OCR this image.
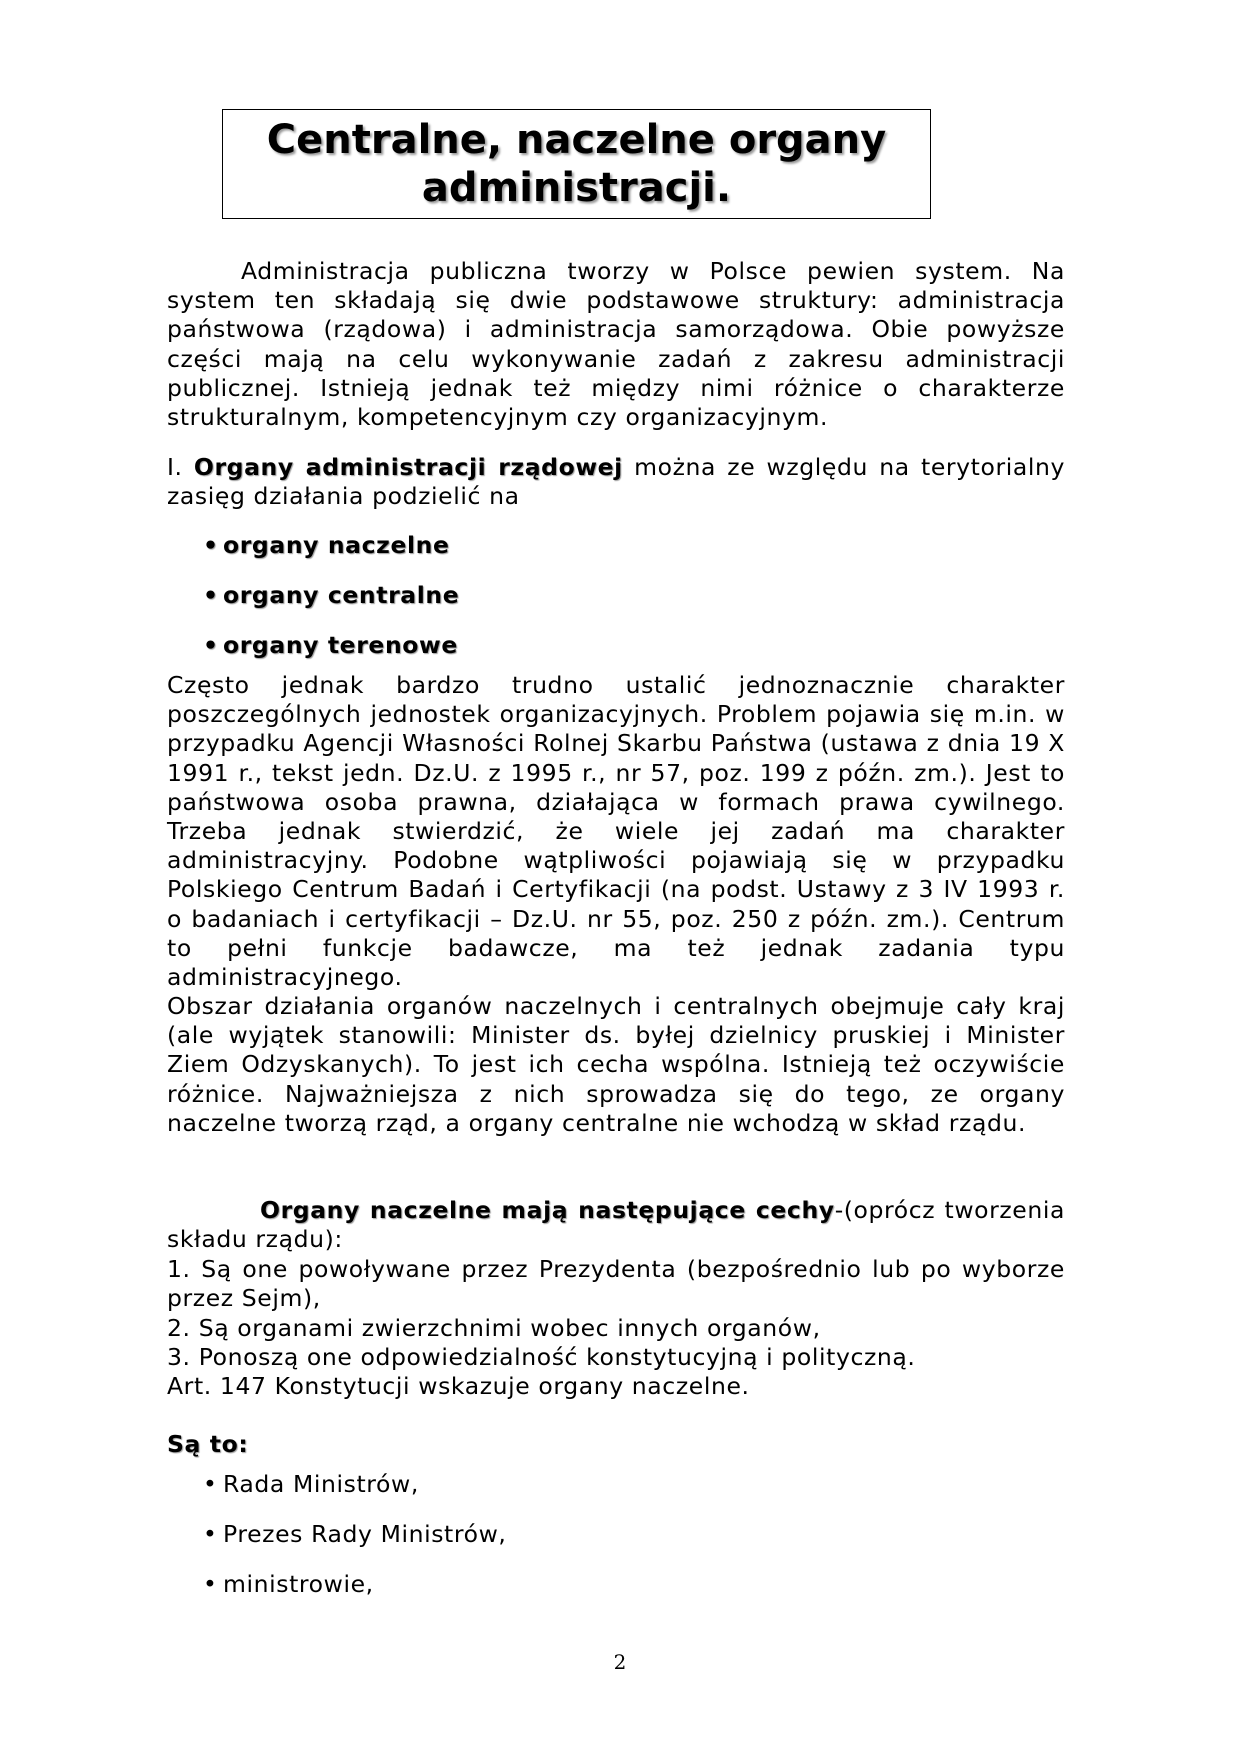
Centralne, naczelne organy administracji.

Administracja publiczna tworzy w Polsce pewien system. Na system ten składają się dwie podstawowe struktury: administracja państwowa (rządowa) i administracja samorządowa. Obie powyższe części mają na celu wykonywanie zadań z zakresu administracji publicznej. Istnieją jednak też między nimi różnice o charakterze strukturalnym, kompetencyjnym czy organizacyjnym.

I. Organy administracji rządowej można ze względu na terytorialny zasięg działania podzielić na

• organy naczelne
• organy centralne
• organy terenowe

Często jednak bardzo trudno ustalić jednoznacznie charakter poszczególnych jednostek organizacyjnych. Problem pojawia się m.in. w przypadku Agencji Własności Rolnej Skarbu Państwa (ustawa z dnia 19 X 1991 r., tekst jedn. Dz.U. z 1995 r., nr 57, poz. 199 z późn. zm.). Jest to państwowa osoba prawna, działająca w formach prawa cywilnego. Trzeba jednak stwierdzić, że wiele jej zadań ma charakter administracyjny. Podobne wątpliwości pojawiają się w przypadku Polskiego Centrum Badań i Certyfikacji (na podst. Ustawy z 3 IV 1993 r. o badaniach i certyfikacji – Dz.U. nr 55, poz. 250 z późn. zm.). Centrum to pełni funkcje badawcze, ma też jednak zadania typu administracyjnego.

Obszar działania organów naczelnych i centralnych obejmuje cały kraj (ale wyjątek stanowili: Minister ds. byłej dzielnicy pruskiej i Minister Ziem Odzyskanych). To jest ich cecha wspólna. Istnieją też oczywiście różnice. Najważniejsza z nich sprowadza się do tego, ze organy naczelne tworzą rząd, a organy centralne nie wchodzą w skład rządu.

Organy naczelne mają następujące cechy-(oprócz tworzenia składu rządu):

1. Są one powoływane przez Prezydenta (bezpośrednio lub po wyborze przez Sejm),

2. Są organami zwierzchnimi wobec innych organów,

3. Ponoszą one odpowiedzialność konstytucyjną i polityczną.

Art. 147 Konstytucji wskazuje organy naczelne.

Są to:

• Rada Ministrów,
• Prezes Rady Ministrów,
• ministrowie,
2
